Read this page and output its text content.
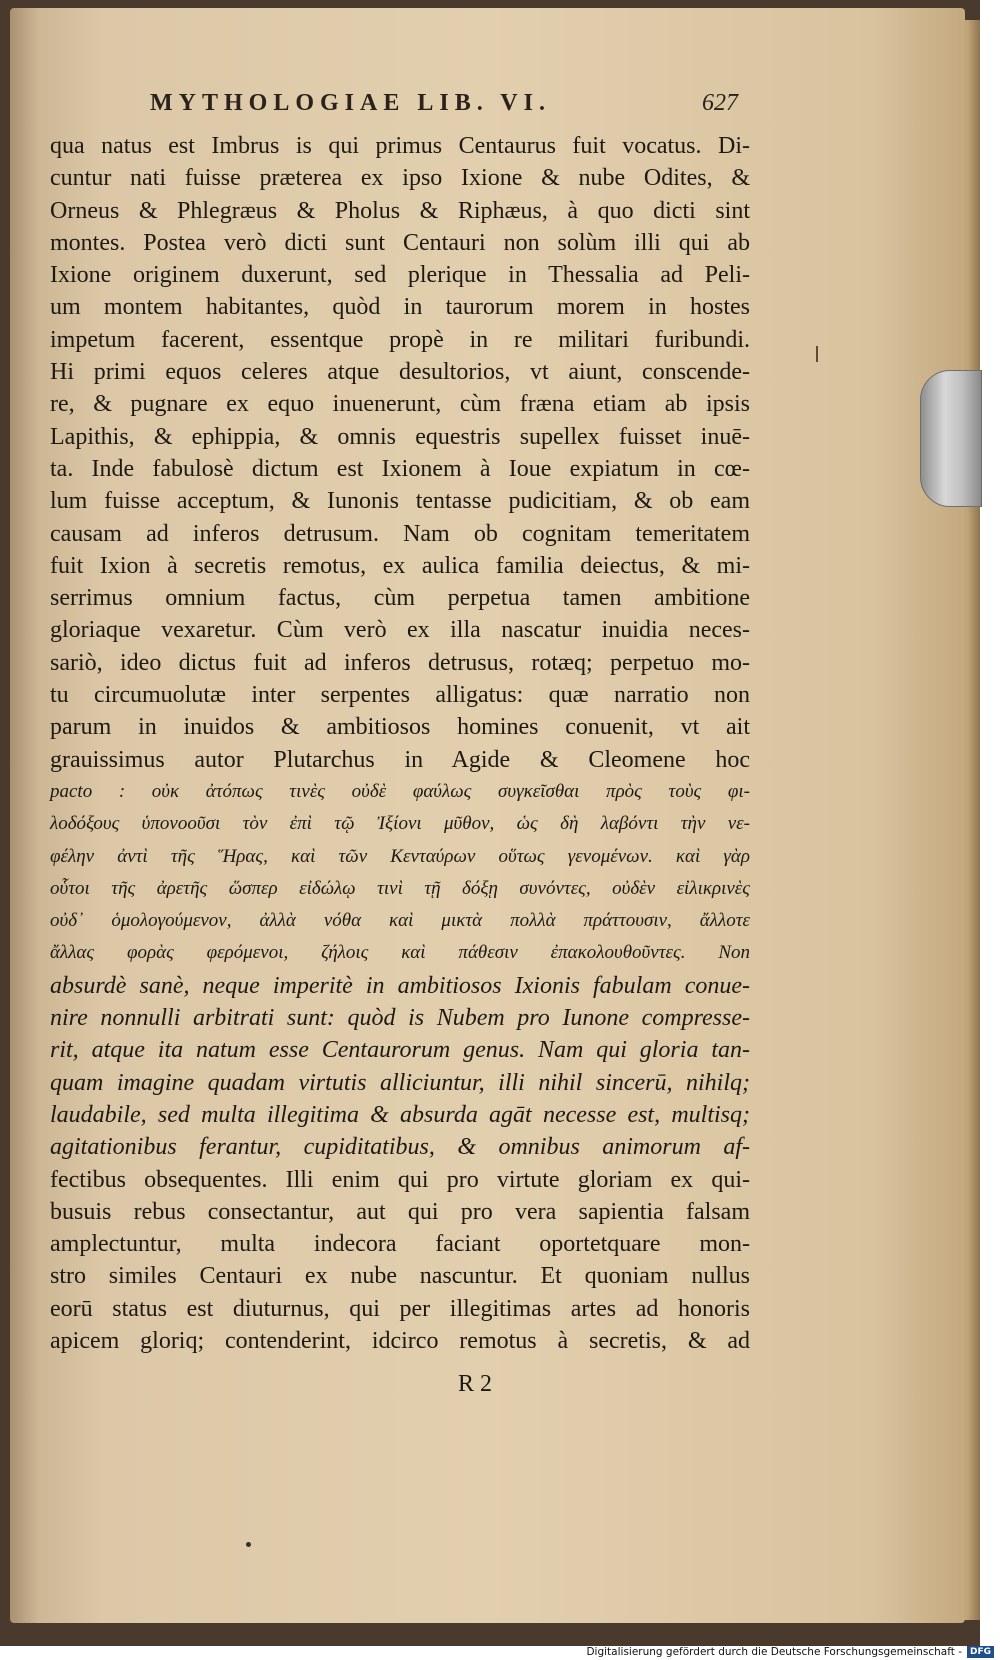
MYTHOLOGIAE LIB. VI.	627
qua natus est Imbrus is qui primus Centaurus fuit vocatus. Di-
cuntur nati fuisse præterea ex ipso Ixione & nube Odites, &
Orneus & Phlegræus & Pholus & Riphæus, à quo dicti sint
montes. Postea verò dicti sunt Centauri non solùm illi qui ab
Ixione originem duxerunt, sed plerique in Thessalia ad Peli-
um montem habitantes, quòd in taurorum morem in hostes
impetum facerent, essentque propè in re militari furibundi.
Hi primi equos celeres atque desultorios, vt aiunt, conscende-
re, & pugnare ex equo inuenerunt, cùm fræna etiam ab ipsis
Lapithis, & ephippia, & omnis equestris supellex fuisset inuē-
ta. Inde fabulosè dictum est Ixionem à Ioue expiatum in cœ-
lum fuisse acceptum, & Iunonis tentasse pudicitiam, & ob eam
causam ad inferos detrusum. Nam ob cognitam temeritatem
fuit Ixion à secretis remotus, ex aulica familia deiectus, & mi-
serrimus omnium factus, cùm perpetua tamen ambitione
gloriaque vexaretur. Cùm verò ex illa nascatur inuidia neces-
sariò, ideo dictus fuit ad inferos detrusus, rotæq; perpetuo mo-
tu circumuolutæ inter serpentes alligatus: quæ narratio non
parum in inuidos & ambitiosos homines conuenit, vt ait
grauissimus autor Plutarchus in Agide & Cleomene hoc
pacto : οὐκ ἀτόπως τινὲς οὐδὲ φαύλως συγκεῖσθαι πρὸς τοὺς φι-
λοδόξους ὑπονοοῦσι τὸν ἐπὶ τῷ Ἰξίονι μῦθον, ὡς δὴ λαβόντι τὴν νε-
φέλην ἀντὶ τῆς Ἥρας, καὶ τῶν Κενταύρων οὕτως γενομένων. καὶ γὰρ
οὗτοι τῆς ἀρετῆς ὥσπερ εἰδώλῳ τινὶ τῇ δόξῃ συνόντες, οὐδὲν εἰλικρινὲς
οὐδ᾽ ὁμολογούμενον, ἀλλὰ νόθα καὶ μικτὰ πολλὰ πράττουσιν, ἄλλοτε
ἄλλας φορὰς φερόμενοι, ζήλοις καὶ πάθεσιν ἐπακολουθοῦντες. Non
absurdè sanè, neque imperitè in ambitiosos Ixionis fabulam conue-
nire nonnulli arbitrati sunt: quòd is Nubem pro Iunone compresse-
rit, atque ita natum esse Centaurorum genus. Nam qui gloria tan-
quam imagine quadam virtutis alliciuntur, illi nihil sincerū, nihilq;
laudabile, sed multa illegitima & absurda agāt necesse est, multisq;
agitationibus ferantur, cupiditatibus, & omnibus animorum af-
fectibus obsequentes. Illi enim qui pro virtute gloriam ex qui-
busuis rebus consectantur, aut qui pro vera sapientia falsam
amplectuntur, multa indecora faciant oportetquare mon-
stro similes Centauri ex nube nascuntur. Et quoniam nullus
eorū status est diuturnus, qui per illegitimas artes ad honoris
apicem gloriq; contenderint, idcirco remotus à secretis, & ad
R 2
Digitalisierung gefördert durch die Deutsche Forschungsgemeinschaft - DFG
